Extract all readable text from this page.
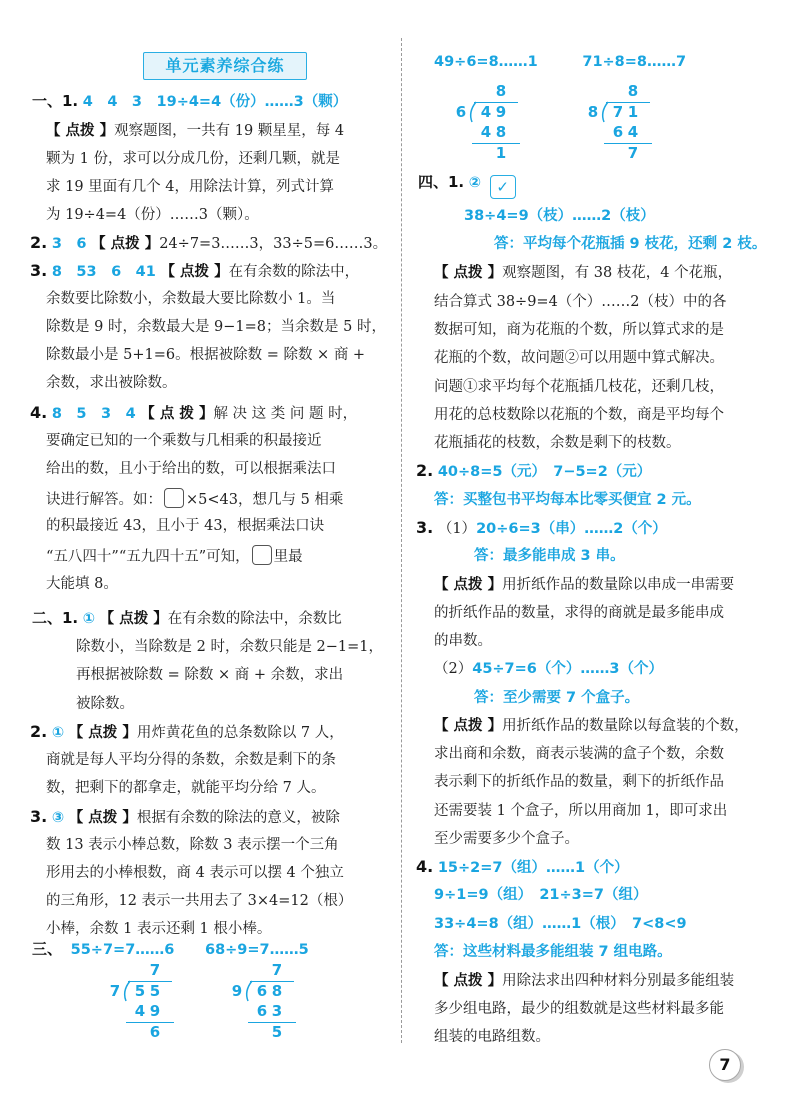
单元素养综合练
一、1. 4　4　3　19÷4=4（份）……3（颗）
【 点拨 】观察题图，一共有 19 颗星星，每 4
颗为 1 份，求可以分成几份，还剩几颗，就是
求 19 里面有几个 4，用除法计算，列式计算
为 19÷4=4（份）……3（颗）。
2. 3　6 【 点拨 】24÷7=3……3，33÷5=6……3。
3. 8　53　6　41 【 点拨 】在有余数的除法中，
余数要比除数小，余数最大要比除数小 1。当
除数是 9 时，余数最大是 9−1=8；当余数是 5 时，
除数最小是 5+1=6。根据被除数 = 除数 × 商 +
余数，求出被除数。
4. 8　5　3　4 【 点 拨 】解 决 这 类 问 题 时，
要确定已知的一个乘数与几相乘的积最接近
给出的数，且小于给出的数，可以根据乘法口
诀进行解答。如： ×5<43，想几与 5 相乘
的积最接近 43，且小于 43，根据乘法口诀
“五八四十”“五九四十五”可知， 里最
大能填 8。
二、1. ① 【 点拨 】在有余数的除法中，余数比
除数小，当除数是 2 时，余数只能是 2−1=1，
再根据被除数 = 除数 × 商 + 余数，求出
被除数。
2. ① 【 点拨 】用炸黄花鱼的总条数除以 7 人，
商就是每人平均分得的条数，余数是剩下的条
数，把剩下的都拿走，就能平均分给 7 人。
3. ③ 【 点拨 】根据有余数的除法的意义，被除
数 13 表示小棒总数，除数 3 表示摆一个三角
形用去的小棒根数，商 4 表示可以摆 4 个独立
的三角形，12 表示一共用去了 3×4=12（根）
小棒，余数 1 表示还剩 1 根小棒。
三、 55÷7=7……6 68÷9=7……5
7
7 5 5
4 9
6
7
9 6 8
6 3
5
49÷6=8……1	71÷8=8……7
8
6 4 9
4 8
1
8
8 7 1
6 4
7
四、1. ② ✓
38÷4=9（枝）……2（枝）
答：平均每个花瓶插 9 枝花，还剩 2 枝。
【 点拨 】观察题图，有 38 枝花，4 个花瓶，
结合算式 38÷9=4（个）……2（枝）中的各
数据可知，商为花瓶的个数，所以算式求的是
花瓶的个数，故问题②可以用题中算式解决。
问题①求平均每个花瓶插几枝花，还剩几枝，
用花的总枝数除以花瓶的个数，商是平均每个
花瓶插花的枝数，余数是剩下的枝数。
2. 40÷8=5（元）　7−5=2（元）
答：买整包书平均每本比零买便宜 2 元。
3. （1）20÷6=3（串）……2（个）
答：最多能串成 3 串。
【 点拨 】用折纸作品的数量除以串成一串需要
的折纸作品的数量，求得的商就是最多能串成
的串数。
（2）45÷7=6（个）……3（个）
答：至少需要 7 个盒子。
【 点拨 】用折纸作品的数量除以每盒装的个数，
求出商和余数，商表示装满的盒子个数，余数
表示剩下的折纸作品的数量，剩下的折纸作品
还需要装 1 个盒子，所以用商加 1，即可求出
至少需要多少个盒子。
4. 15÷2=7（组）……1（个）
9÷1=9（组）　21÷3=7（组）
33÷4=8（组）……1（根）　7<8<9
答：这些材料最多能组装 7 组电路。
【 点拨 】用除法求出四种材料分别最多能组装
多少组电路，最少的组数就是这些材料最多能
组装的电路组数。
7
